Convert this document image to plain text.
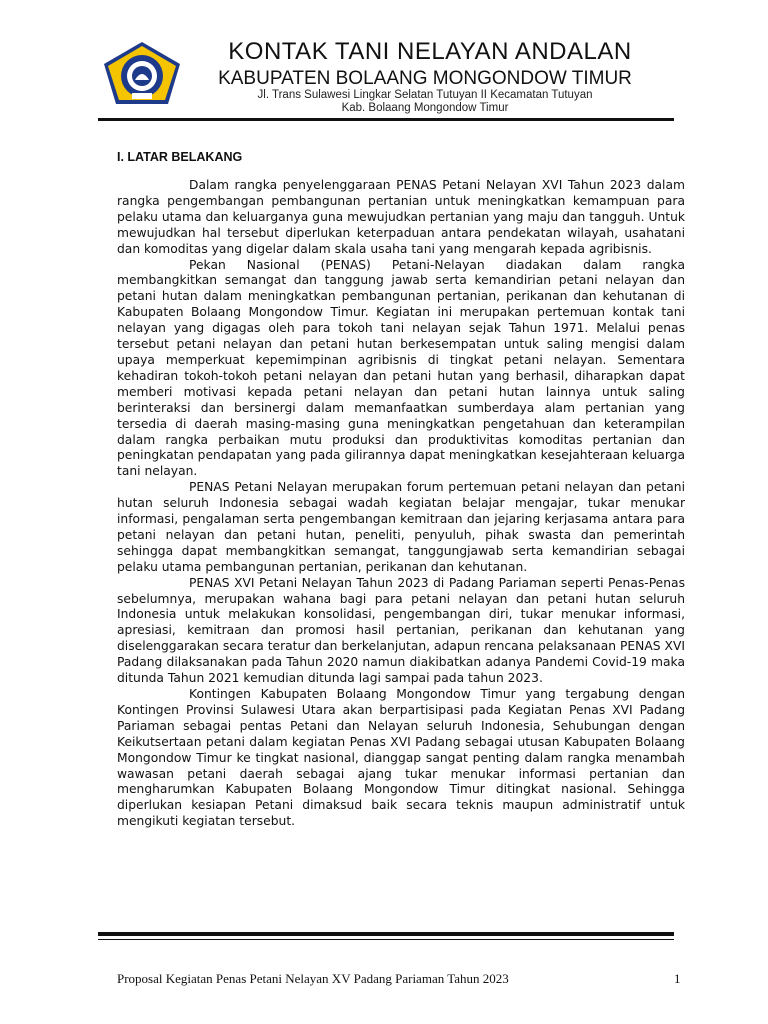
KONTAK TANI NELAYAN ANDALAN
KABUPATEN BOLAANG MONGONDOW TIMUR
Jl. Trans Sulawesi Lingkar Selatan Tutuyan II Kecamatan Tutuyan
Kab. Bolaang Mongondow Timur
I. LATAR BELAKANG

Dalam rangka penyelenggaraan PENAS Petani Nelayan XVI Tahun 2023 dalam rangka pengembangan pembangunan pertanian untuk meningkatkan kemampuan para pelaku utama dan keluarganya guna mewujudkan pertanian yang maju dan tangguh. Untuk mewujudkan hal tersebut diperlukan keterpaduan antara pendekatan wilayah, usahatani dan komoditas yang digelar dalam skala usaha tani yang mengarah kepada agribisnis.

Pekan Nasional (PENAS) Petani-Nelayan diadakan dalam rangka membangkitkan semangat dan tanggung jawab serta kemandirian petani nelayan dan petani hutan dalam meningkatkan pembangunan pertanian, perikanan dan kehutanan di Kabupaten Bolaang Mongondow Timur. Kegiatan ini merupakan pertemuan kontak tani nelayan yang digagas oleh para tokoh tani nelayan sejak Tahun 1971. Melalui penas tersebut petani nelayan dan petani hutan berkesempatan untuk saling mengisi dalam upaya memperkuat kepemimpinan agribisnis di tingkat petani nelayan. Sementara kehadiran tokoh-tokoh petani nelayan dan petani hutan yang berhasil, diharapkan dapat memberi motivasi kepada petani nelayan dan petani hutan lainnya untuk saling berinteraksi dan bersinergi dalam memanfaatkan sumberdaya alam pertanian yang tersedia di daerah masing-masing guna meningkatkan pengetahuan dan keterampilan dalam rangka perbaikan mutu produksi dan produktivitas komoditas pertanian dan peningkatan pendapatan yang pada gilirannya dapat meningkatkan kesejahteraan keluarga tani nelayan.

PENAS Petani Nelayan merupakan forum pertemuan petani nelayan dan petani hutan seluruh Indonesia sebagai wadah kegiatan belajar mengajar, tukar menukar informasi, pengalaman serta pengembangan kemitraan dan jejaring kerjasama antara para petani nelayan dan petani hutan, peneliti, penyuluh, pihak swasta dan pemerintah sehingga dapat membangkitkan semangat, tanggungjawab serta kemandirian sebagai pelaku utama pembangunan pertanian, perikanan dan kehutanan.

PENAS XVI Petani Nelayan Tahun 2023 di Padang Pariaman seperti Penas-Penas sebelumnya, merupakan wahana bagi para petani nelayan dan petani hutan seluruh Indonesia untuk melakukan konsolidasi, pengembangan diri, tukar menukar informasi, apresiasi, kemitraan dan promosi hasil pertanian, perikanan dan kehutanan yang diselenggarakan secara teratur dan berkelanjutan, adapun rencana pelaksanaan PENAS XVI Padang dilaksanakan pada Tahun 2020 namun diakibatkan adanya Pandemi Covid-19 maka ditunda Tahun 2021 kemudian ditunda lagi sampai pada tahun 2023.

Kontingen Kabupaten Bolaang Mongondow Timur yang tergabung dengan Kontingen Provinsi Sulawesi Utara akan berpartisipasi pada Kegiatan Penas XVI Padang Pariaman sebagai pentas Petani dan Nelayan seluruh Indonesia, Sehubungan dengan Keikutsertaan petani dalam kegiatan Penas XVI Padang sebagai utusan Kabupaten Bolaang Mongondow Timur ke tingkat nasional, dianggap sangat penting dalam rangka menambah wawasan petani daerah sebagai ajang tukar menukar informasi pertanian dan mengharumkan Kabupaten Bolaang Mongondow Timur ditingkat nasional. Sehingga diperlukan kesiapan Petani dimaksud baik secara teknis maupun administratif untuk mengikuti kegiatan tersebut.

Proposal Kegiatan Penas Petani Nelayan XV Padang Pariaman Tahun 2023	1
